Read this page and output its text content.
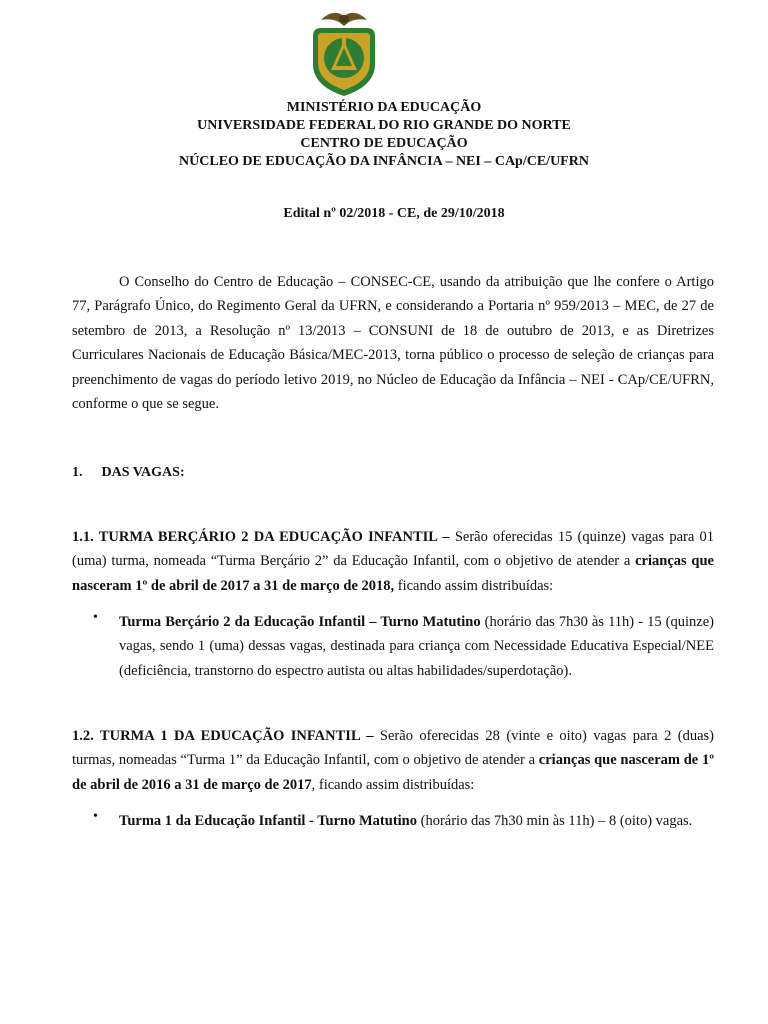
MINISTÉRIO DA EDUCAÇÃO
UNIVERSIDADE FEDERAL DO RIO GRANDE DO NORTE
CENTRO DE EDUCAÇÃO
NÚCLEO DE EDUCAÇÃO DA INFÂNCIA – NEI – CAp/CE/UFRN
Edital nº 02/2018 - CE, de 29/10/2018
O Conselho do Centro de Educação – CONSEC-CE, usando da atribuição que lhe confere o Artigo 77, Parágrafo Único, do Regimento Geral da UFRN, e considerando a Portaria nº 959/2013 – MEC, de 27 de setembro de 2013, a Resolução nº 13/2013 – CONSUNI de 18 de outubro de 2013, e as Diretrizes Curriculares Nacionais de Educação Básica/MEC-2013, torna público o processo de seleção de crianças para preenchimento de vagas do período letivo 2019, no Núcleo de Educação da Infância – NEI - CAp/CE/UFRN, conforme o que se segue.
1. DAS VAGAS:
1.1. TURMA BERÇÁRIO 2 DA EDUCAÇÃO INFANTIL – Serão oferecidas 15 (quinze) vagas para 01 (uma) turma, nomeada “Turma Berçário 2” da Educação Infantil, com o objetivo de atender a crianças que nasceram 1º de abril de 2017 a 31 de março de 2018, ficando assim distribuídas:
• Turma Berçário 2 da Educação Infantil – Turno Matutino (horário das 7h30 às 11h) - 15 (quinze) vagas, sendo 1 (uma) dessas vagas, destinada para criança com Necessidade Educativa Especial/NEE (deficiência, transtorno do espectro autista ou altas habilidades/superdotação).
1.2. TURMA 1 DA EDUCAÇÃO INFANTIL – Serão oferecidas 28 (vinte e oito) vagas para 2 (duas) turmas, nomeadas “Turma 1” da Educação Infantil, com o objetivo de atender a crianças que nasceram de 1º de abril de 2016 a 31 de março de 2017, ficando assim distribuídas:
• Turma 1 da Educação Infantil - Turno Matutino (horário das 7h30 min às 11h) – 8 (oito) vagas.
